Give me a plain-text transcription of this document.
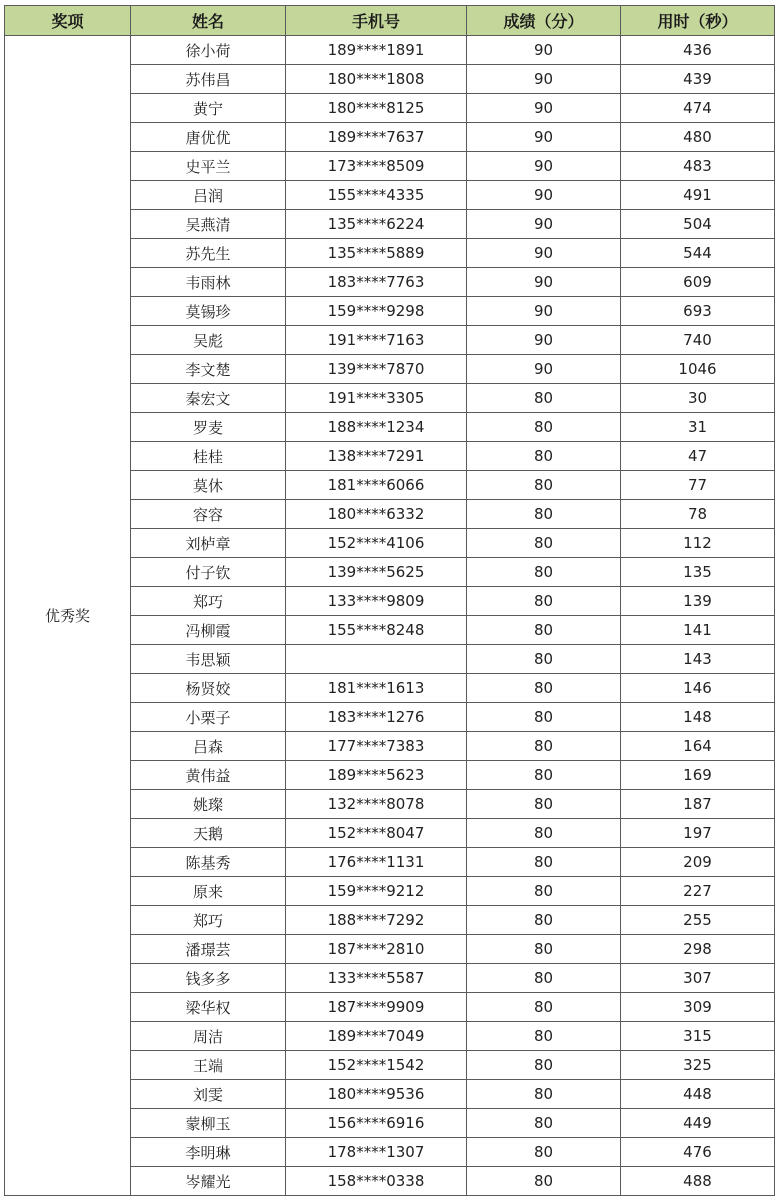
奖项	姓名	手机号	成绩（分）	用时（秒）
优秀奖	徐小荷	189****1891	90	436
	苏伟昌	180****1808	90	439
	黄宁	180****8125	90	474
	唐优优	189****7637	90	480
	史平兰	173****8509	90	483
	吕润	155****4335	90	491
	吴燕清	135****6224	90	504
	苏先生	135****5889	90	544
	韦雨林	183****7763	90	609
	莫锡珍	159****9298	90	693
	吴彪	191****7163	90	740
	李文楚	139****7870	90	1046
	秦宏文	191****3305	80	30
	罗麦	188****1234	80	31
	桂桂	138****7291	80	47
	莫休	181****6066	80	77
	容容	180****6332	80	78
	刘栌章	152****4106	80	112
	付子钦	139****5625	80	135
	郑巧	133****9809	80	139
	冯柳霞	155****8248	80	141
	韦思颖		80	143
	杨贤姣	181****1613	80	146
	小栗子	183****1276	80	148
	吕森	177****7383	80	164
	黄伟益	189****5623	80	169
	姚璨	132****8078	80	187
	天鹅	152****8047	80	197
	陈基秀	176****1131	80	209
	原来	159****9212	80	227
	郑巧	188****7292	80	255
	潘璟芸	187****2810	80	298
	钱多多	133****5587	80	307
	梁华权	187****9909	80	309
	周洁	189****7049	80	315
	王端	152****1542	80	325
	刘雯	180****9536	80	448
	蒙柳玉	156****6916	80	449
	李明琳	178****1307	80	476
	岑耀光	158****0338	80	488
